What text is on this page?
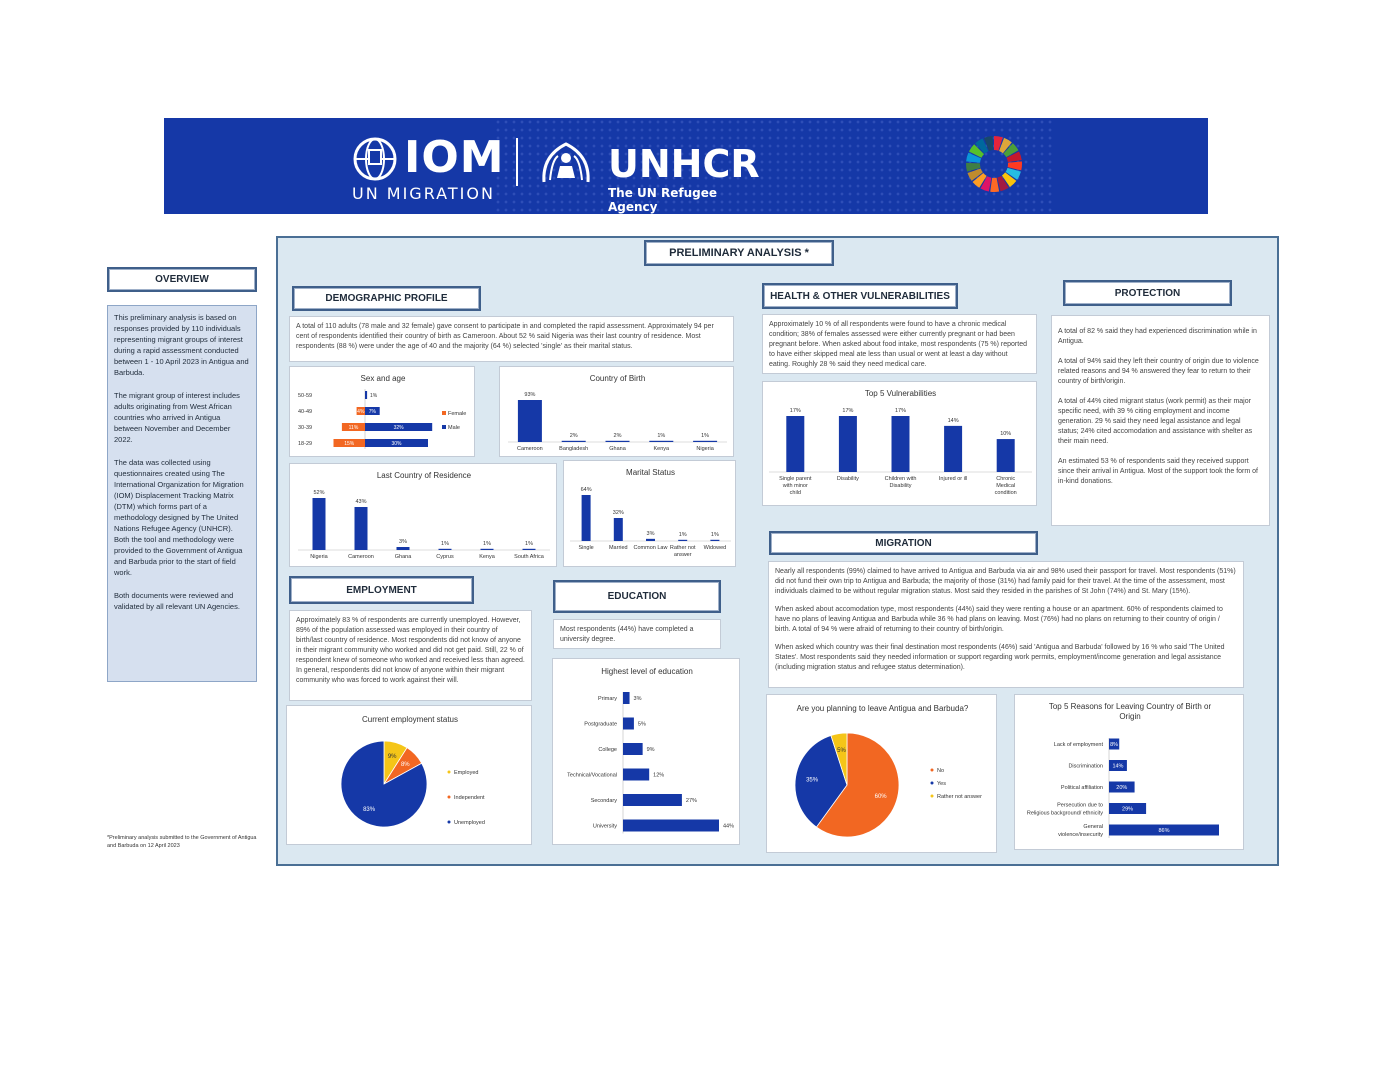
IOM
UN MIGRATION
UNHCR
The UN Refugee Agency
OVERVIEW

This preliminary analysis is based on responses provided by 110 individuals representing migrant groups of interest during a rapid assessment conducted between 1 - 10 April 2023 in Antigua and Barbuda.

The migrant group of interest includes adults originating from West African countries who arrived in Antigua between November and December 2022.

The data was collected using questionnaires created using The International Organization for Migration (IOM) Displacement Tracking Matrix (DTM) which forms part of a methodology designed by The United Nations Refugee Agency (UNHCR). Both the tool and methodology were provided to the Government of Antigua and Barbuda prior to the start of field work.

Both documents were reviewed and validated by all relevant UN Agencies.

*Preliminary analysis submitted to the Government of Antigua and Barbuda on 12 April 2023
PRELIMINARY ANALYSIS *
DEMOGRAPHIC PROFILE
A total of 110 adults (78 male and 32 female) gave consent to participate in and completed the rapid assessment. Approximately 94 per cent of respondents identified their country of birth as Cameroon. About 52 % said Nigeria was their last country of residence. Most respondents (88 %) were under the age of 40 and the majority (64 %) selected 'single' as their marital status.
Sex and age
50-59	1%
40-49	4% 7%
30-39	11%	32%
18-29	15%	30%
Female
Male
Country of Birth
93%
Cameroon
2%
Bangladesh
2%
Ghana
1%
Kenya
1%
Nigeria
Last Country of Residence
52%
Nigeria
43%
Cameroon
3%
Ghana
1%
Cyprus
1%
Kenya
1%
South Africa
Marital Status
64%
Single
32%
Married
3%
Common Law
1%
Rather not
answer
1%
Widowed
EMPLOYMENT
Approximately 83 % of respondents are currently unemployed. However, 89% of the population assessed was employed in their country of birth/last country of residence. Most respondents did not know of anyone in their migrant community who worked and did not get paid. Still, 22 % of respondent knew of someone who worked and received less than agreed. In general, respondents did not know of anyone within their migrant community who was forced to work against their will.
Current employment status
9%
8%
83%
Employed
Independent
Unemployed
EDUCATION
Most respondents (44%) have completed a university degree.
Highest level of education
3%
Primary
5%
Postgraduate
9%
College
12%
Technical/Vocational
27%
Secondary
44%
University
HEALTH & OTHER VULNERABILITIES
Approximately 10 % of all respondents were found to have a chronic medical condition; 38% of females assessed were either currently pregnant or had been pregnant before. When asked about food intake, most respondents (75 %) reported to have either skipped meal ate less than usual or went at least a day without eating. Roughly 28 % said they need medical care.
Top 5 Vulnerabilities
17%
Single parent
with minor
child
17%
Disability
17%
Children with
Disability
14%
Injured or ill
10%
Chronic
Medical
condition
PROTECTION
A total of 82 % said they had experienced discrimination while in Antigua.
A total of 94% said they left their country of origin due to violence related reasons and 94 % answered they fear to return to their country of birth/origin.
A total of 44% cited migrant status (work permit) as their major specific need, with 39 % citing employment and income generation. 29 % said they need legal assistance and legal status; 24% cited accomodation and assistance with shelter as their main need.
An estimated 53 % of respondents said they received support since their arrival in Antigua. Most of the support took the form of in-kind donations.
MIGRATION
Nearly all respondents (99%) claimed to have arrived to Antigua and Barbuda via air and 98% used their passport for travel. Most respondents (51%) did not fund their own trip to Antigua and Barbuda; the majority of those (31%) had family paid for their travel. At the time of the assessment, most individuals claimed to be without regular migration status. Most said they resided in the parishes of St John (74%) and St. Mary (15%).
When asked about accomodation type, most respondents (44%) said they were renting a house or an apartment. 60% of respondents claimed to have no plans of leaving Antigua and Barbuda while 36 % had plans on leaving. Most (76%) had no plans on returning to their country of origin / birth. A total of 94 % were afraid of returning to their country of birth/origin.
When asked which country was their final destination most respondents (46%) said 'Antigua and Barbuda' followed by 16 % who said 'The United States'. Most respondents said they needed information or support regarding work permits, employment/income generation and legal assistance (including migration status and refugee status determination).
Are you planning to leave Antigua and Barbuda?
60%
35%
5%
No
Yes
Rather not answer
Top 5 Reasons for Leaving Country of Birth or
Origin
8%
Lack of employment
14%
Discrimination
20%
Political affiliation
29%
Persecution due to
Religious background/ ethnicity
86%
General
violence/insecurity
